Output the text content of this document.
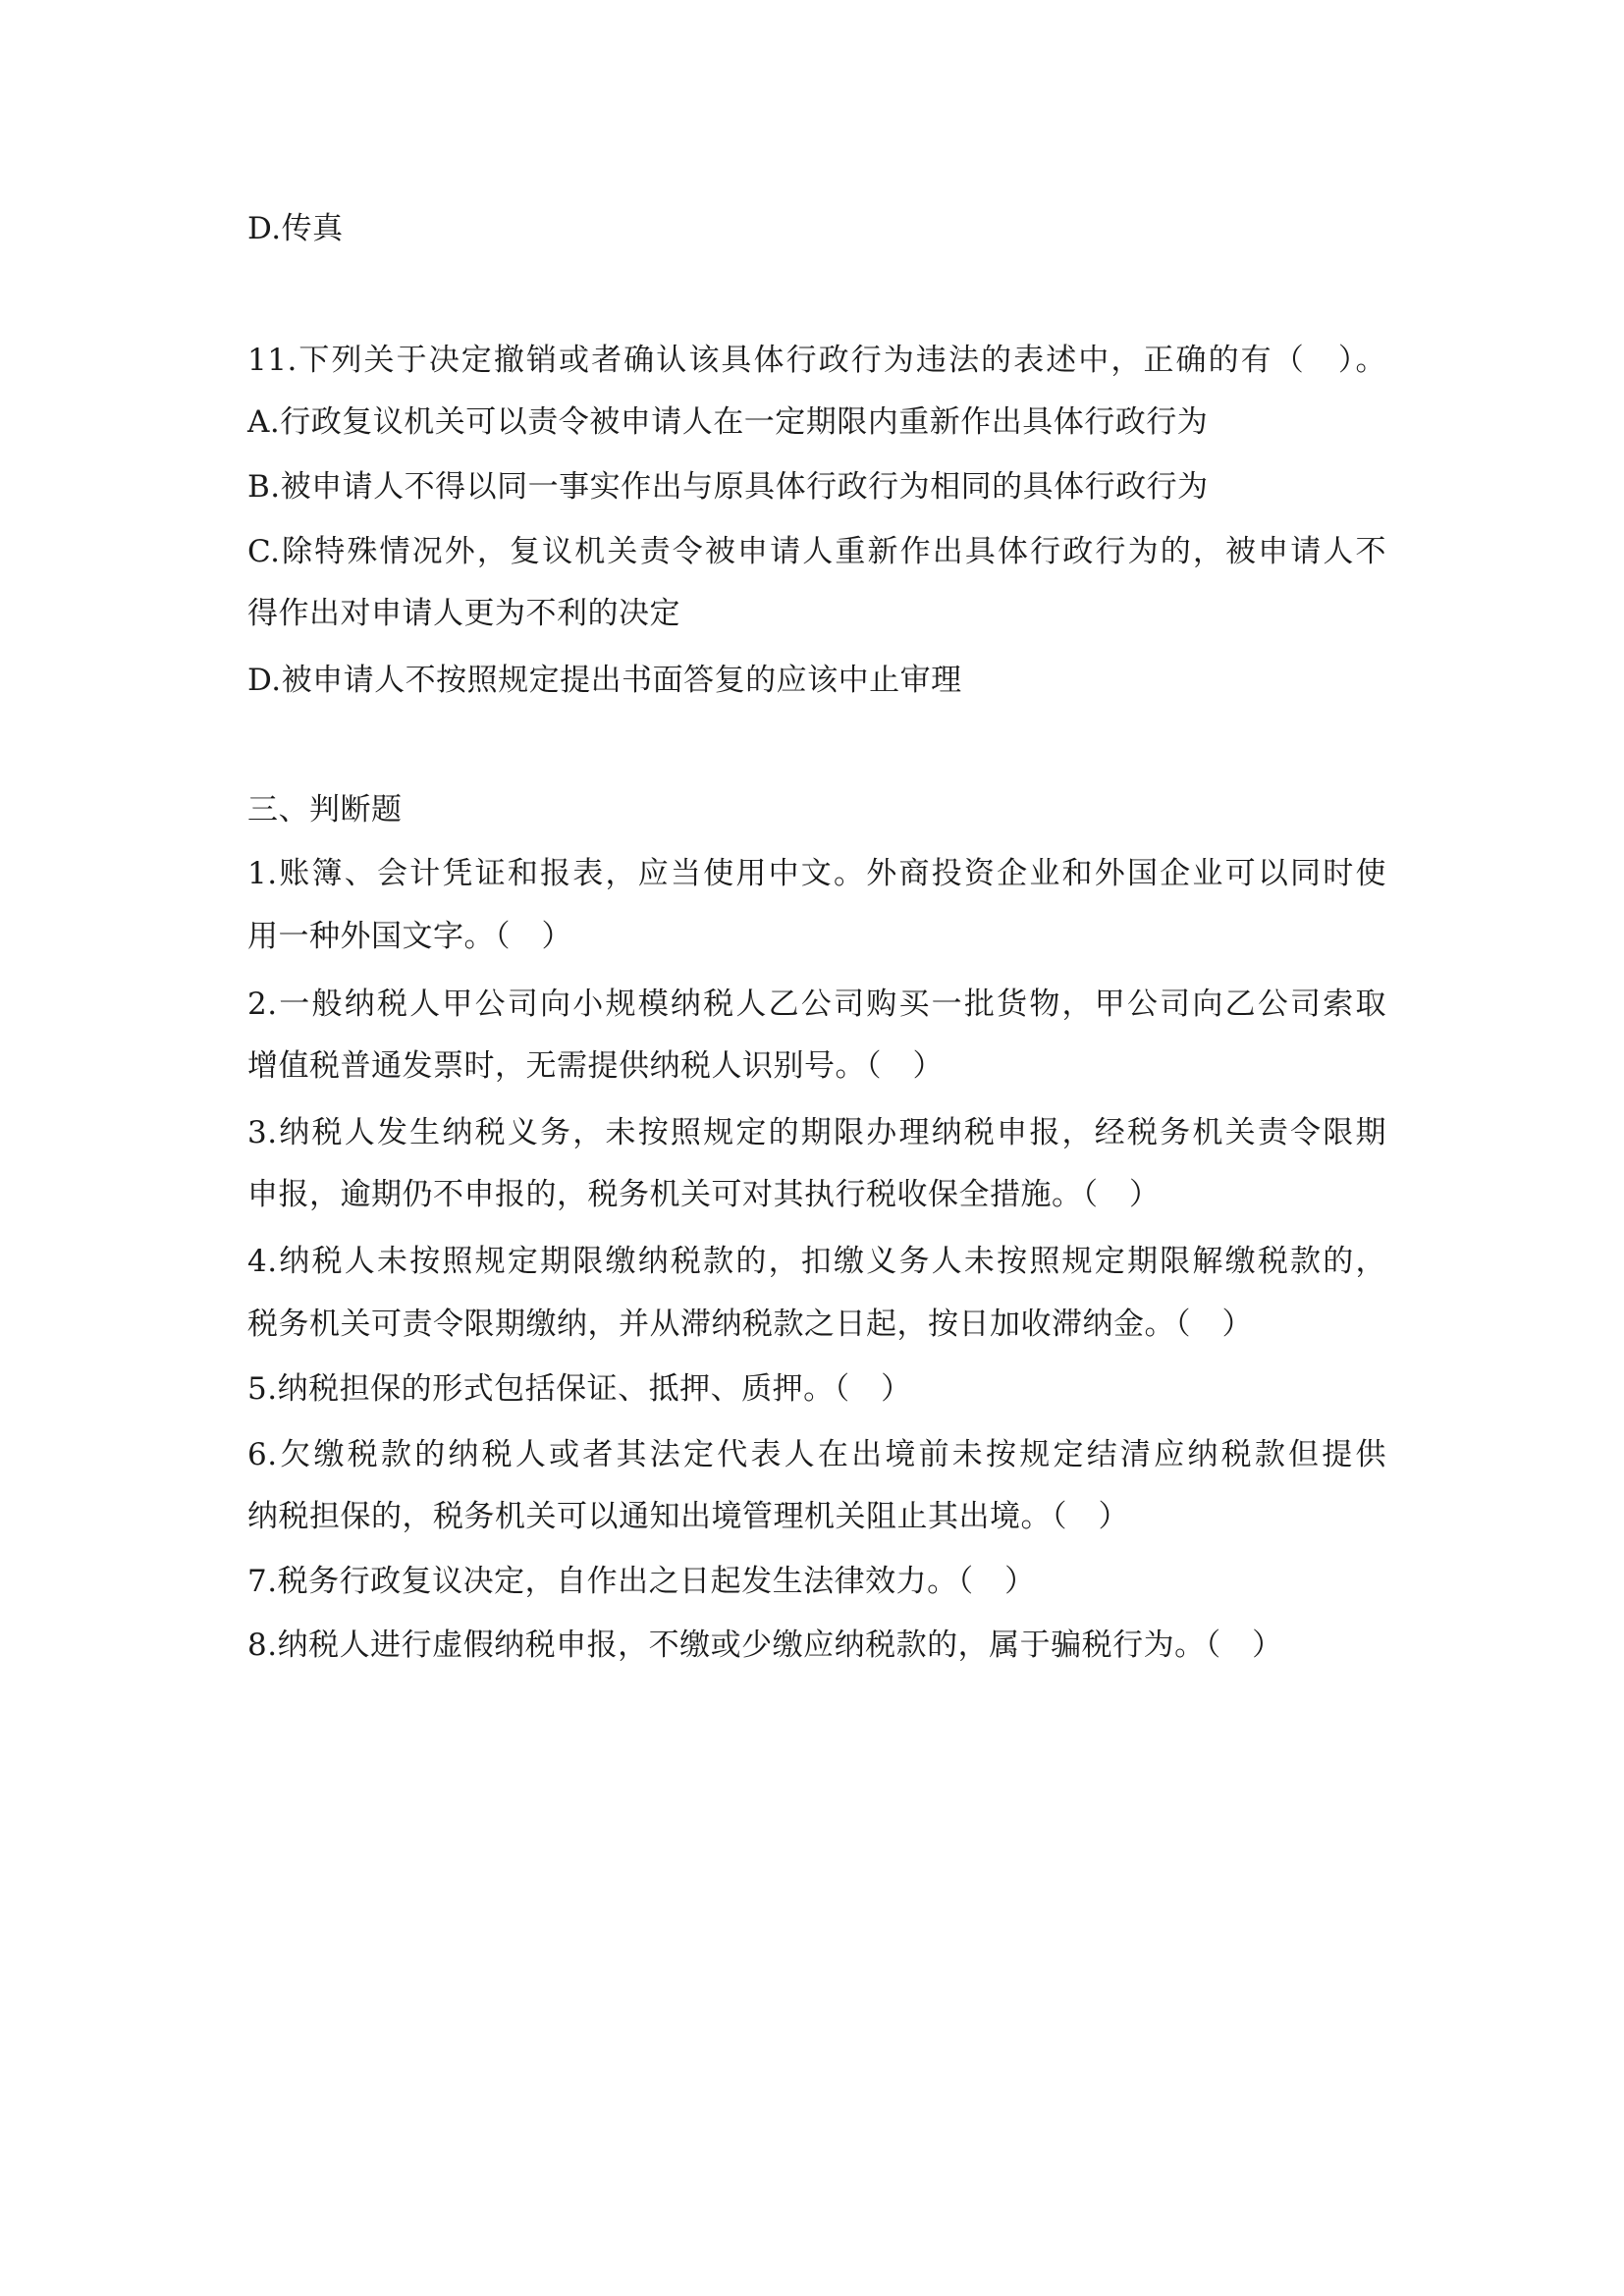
D.传真
11.下列关于决定撤销或者确认该具体行政行为违法的表述中，正确的有（　）。
A.行政复议机关可以责令被申请人在一定期限内重新作出具体行政行为
B.被申请人不得以同一事实作出与原具体行政行为相同的具体行政行为
C.除特殊情况外，复议机关责令被申请人重新作出具体行政行为的，被申请人不
得作出对申请人更为不利的决定
D.被申请人不按照规定提出书面答复的应该中止审理
三、判断题
1.账簿、会计凭证和报表，应当使用中文。外商投资企业和外国企业可以同时使
用一种外国文字。（　）
2.一般纳税人甲公司向小规模纳税人乙公司购买一批货物，甲公司向乙公司索取
增值税普通发票时，无需提供纳税人识别号。（　）
3.纳税人发生纳税义务，未按照规定的期限办理纳税申报，经税务机关责令限期
申报，逾期仍不申报的，税务机关可对其执行税收保全措施。（　）
4.纳税人未按照规定期限缴纳税款的，扣缴义务人未按照规定期限解缴税款的，
税务机关可责令限期缴纳，并从滞纳税款之日起，按日加收滞纳金。（　）
5.纳税担保的形式包括保证、抵押、质押。（　）
6.欠缴税款的纳税人或者其法定代表人在出境前未按规定结清应纳税款但提供
纳税担保的，税务机关可以通知出境管理机关阻止其出境。（　）
7.税务行政复议决定，自作出之日起发生法律效力。（　）
8.纳税人进行虚假纳税申报，不缴或少缴应纳税款的，属于骗税行为。（　）
